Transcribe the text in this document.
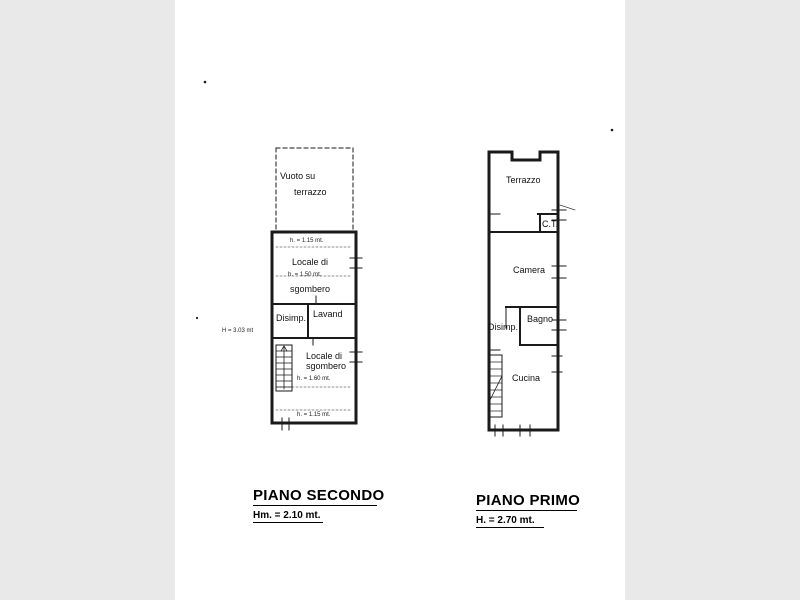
Vuoto su
terrazzo
h. = 1.15 mt.
Locale di
h. = 1.50 mt.
sgombero
Disimp. Lavand
Locale di
sgombero
h. = 1.60 mt.
h. = 1.15 mt.
H = 3.03 mt
Terrazzo
C.T.
Camera
Bagno
Disimp.
Cucina
PIANO SECONDO
Hm. = 2.10 mt.
PIANO PRIMO
H. = 2.70 mt.
